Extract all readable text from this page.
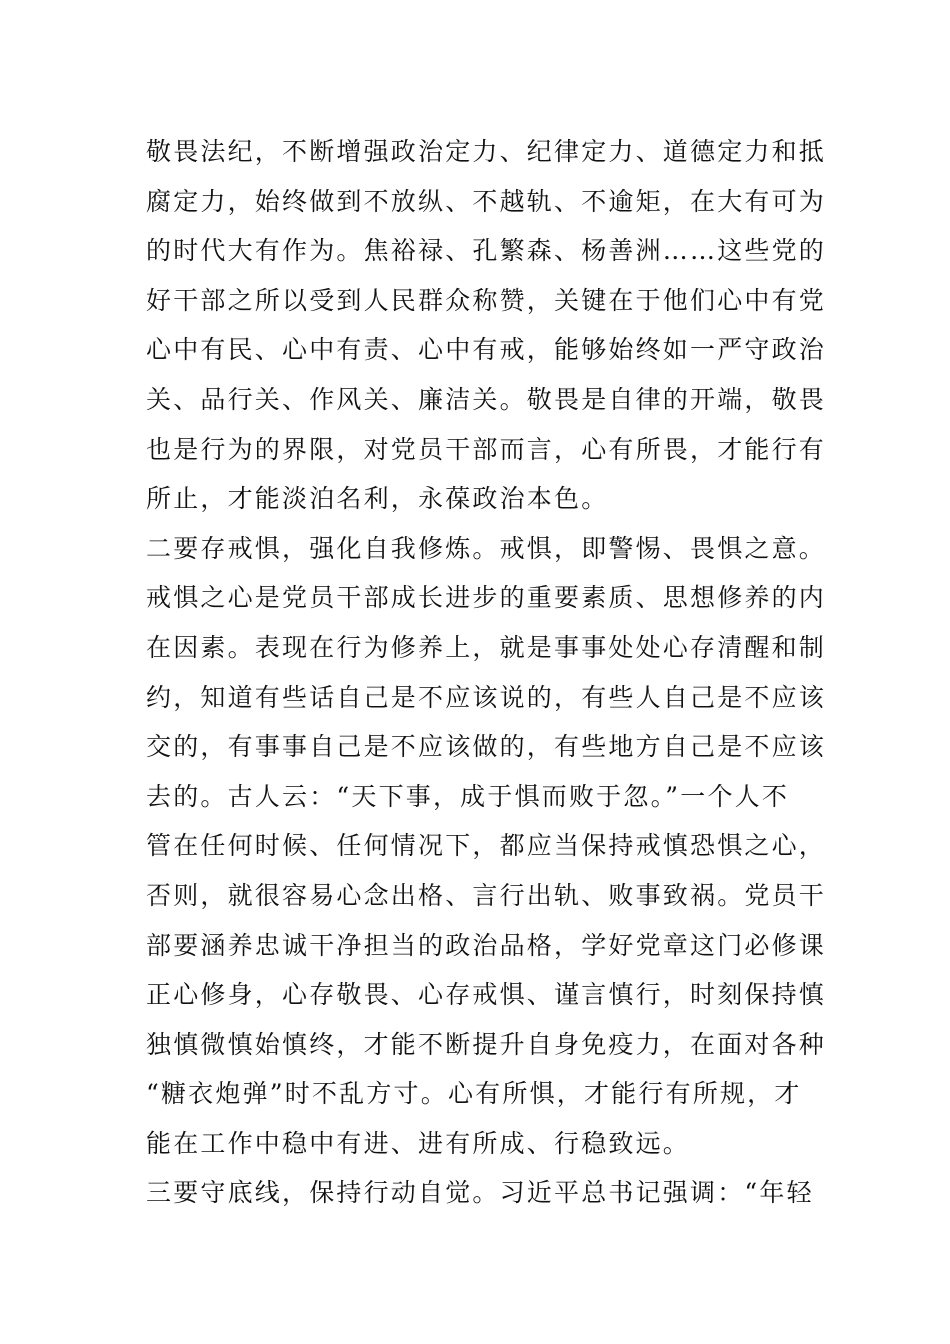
敬畏法纪，不断增强政治定力、纪律定力、道德定力和抵
腐定力，始终做到不放纵、不越轨、不逾矩，在大有可为
的时代大有作为。焦裕禄、孔繁森、杨善洲……这些党的
好干部之所以受到人民群众称赞，关键在于他们心中有党
心中有民、心中有责、心中有戒，能够始终如一严守政治
关、品行关、作风关、廉洁关。敬畏是自律的开端，敬畏
也是行为的界限，对党员干部而言，心有所畏，才能行有
所止，才能淡泊名利，永葆政治本色。
二要存戒惧，强化自我修炼。戒惧，即警惕、畏惧之意。
戒惧之心是党员干部成长进步的重要素质、思想修养的内
在因素。表现在行为修养上，就是事事处处心存清醒和制
约，知道有些话自己是不应该说的，有些人自己是不应该
交的，有事事自己是不应该做的，有些地方自己是不应该
去的。古人云：“天下事，成于惧而败于忽。”一个人不
管在任何时候、任何情况下，都应当保持戒慎恐惧之心，
否则，就很容易心念出格、言行出轨、败事致祸。党员干
部要涵养忠诚干净担当的政治品格，学好党章这门必修课
正心修身，心存敬畏、心存戒惧、谨言慎行，时刻保持慎
独慎微慎始慎终，才能不断提升自身免疫力，在面对各种
“糖衣炮弹”时不乱方寸。心有所惧，才能行有所规，才
能在工作中稳中有进、进有所成、行稳致远。
三要守底线，保持行动自觉。习近平总书记强调：“年轻
